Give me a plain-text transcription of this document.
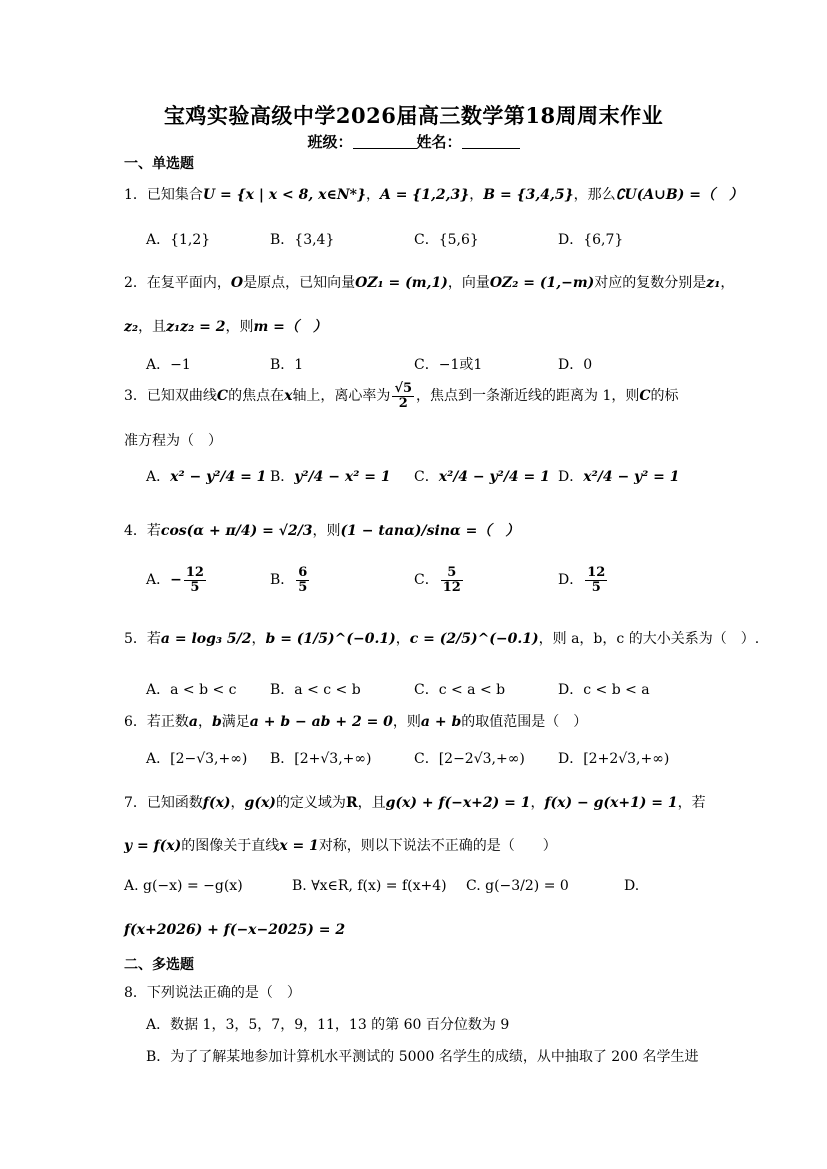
宝鸡实验高级中学2026届高三数学第18周周末作业
班级：	姓名：
一、单选题
1．已知集合U = {x | x < 8, x∈N*}，A = {1,2,3}，B = {3,4,5}，那么∁U(A∪B) =（　）
A．{1,2}	B．{3,4}	C．{5,6}	D．{6,7}
2．在复平面内，O是原点，已知向量OZ₁ = (m,1)，向量OZ₂ = (1,−m)对应的复数分别是z₁，
z₂，且z₁z₂ = 2，则m =（　）
A．−1	B．1	C．−1或1	D．0
3．已知双曲线C的焦点在x轴上，离心率为 $\frac{√5}{2}$ ，焦点到一条渐近线的距离为 1，则C的标
准方程为（　）
A．x² − y²/4 = 1 B．y²/4 − x² = 1 C．x²/4 − y²/4 = 1 D．x²/4 − y² = 1
4．若cos(α + π/4) = √2/3，则(1 − tanα)/sinα =（　）
A．− $\frac{12}{5}$	B． $\frac{6}{5}$	C． $\frac{5}{12}$	D． $\frac{12}{5}$
5．若a = log₃ 5/2，b = (1/5)^(−0.1)，c = (2/5)^(−0.1)，则 a，b，c 的大小关系为（　）.
A．a < b < c B．a < c < b	C．c < a < b	D．c < b < a
6．若正数a，b满足a + b − ab + 2 = 0，则a + b的取值范围是（　）
A．[2−√3,+∞) B．[2+√3,+∞)	C．[2−2√3,+∞) D．[2+2√3,+∞)
7．已知函数f(x)，g(x)的定义域为R，且g(x) + f(−x+2) = 1，f(x) − g(x+1) = 1，若
y = f(x)的图像关于直线x = 1对称，则以下说法不正确的是（　　）
A. g(−x) = −g(x)	B. ∀x∈R, f(x) = f(x+4) C. g(−3/2) = 0	D.
f(x+2026) + f(−x−2025) = 2
二、多选题
8．下列说法正确的是（　）
A．数据 1，3，5，7，9，11，13 的第 60 百分位数为 9
B．为了了解某地参加计算机水平测试的 5000 名学生的成绩，从中抽取了 200 名学生进
